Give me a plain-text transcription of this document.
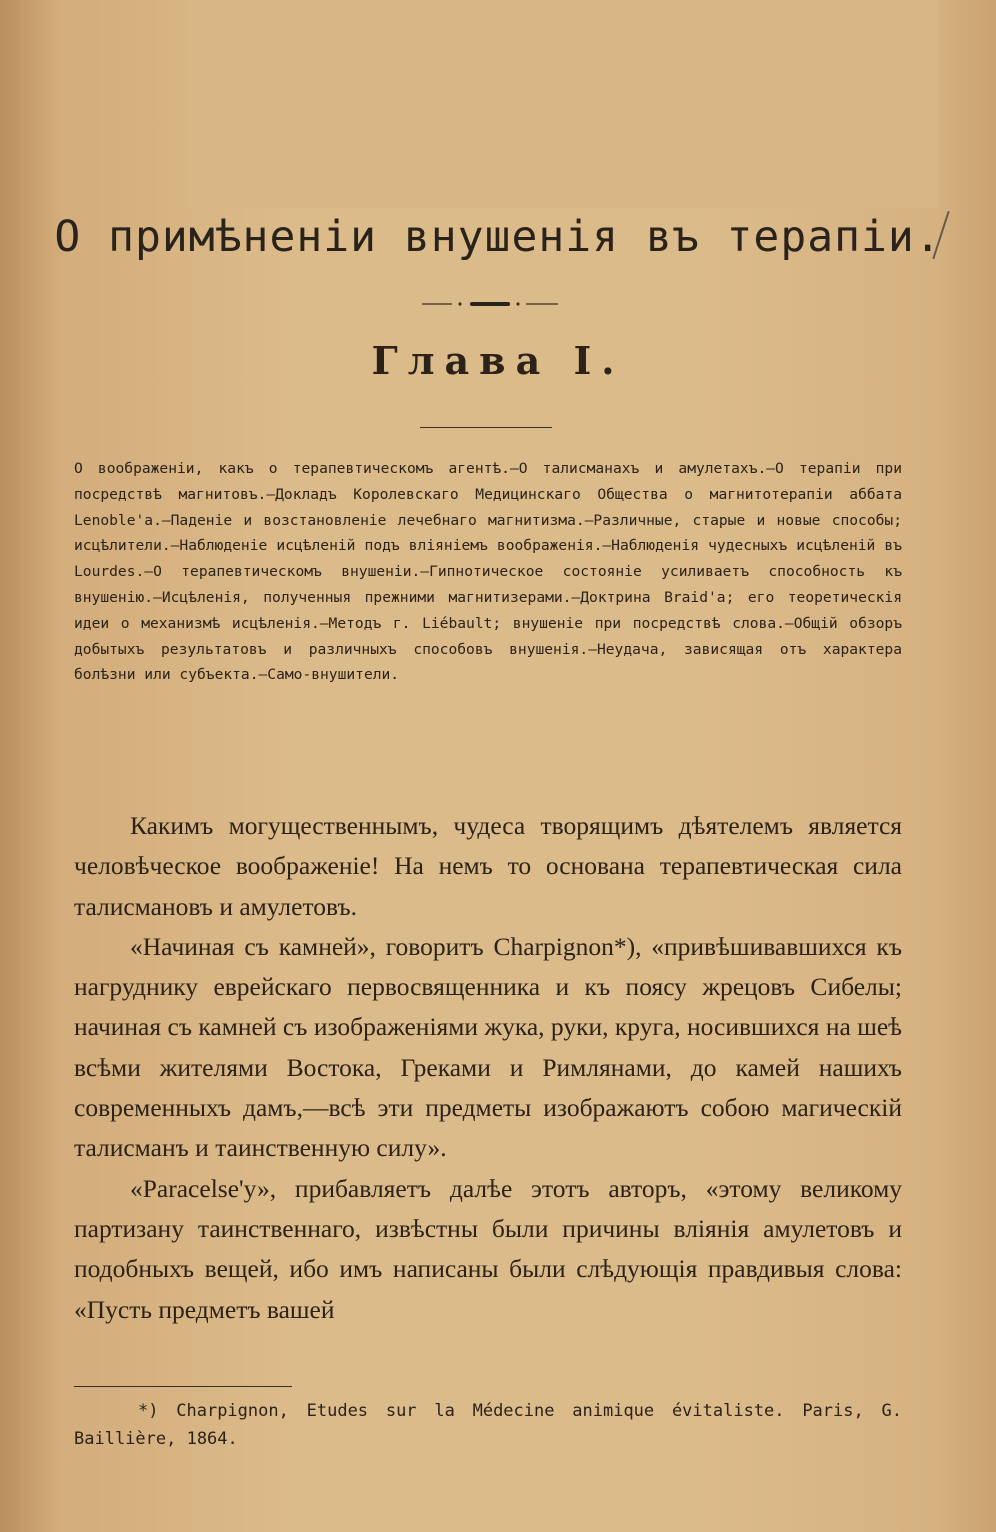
О примѣненіи внушенія въ терапіи.
Глава I.
О воображеніи, какъ о терапевтическомъ агентѣ.—О талисманахъ и амулетахъ.—О терапіи при посредствѣ магнитовъ.—Докладъ Королевскаго Медицинскаго Общества о магнитотерапіи аббата Lenoble'а.—Паденіе и возстановленіе лечебнаго магнитизма.—Различные, старые и новые способы; исцѣлители.—Наблюденіе исцѣленій подъ вліяніемъ воображенія.—Наблюденія чудесныхъ исцѣленій въ Lourdes.—О терапевтическомъ внушеніи.—Гипнотическое состояніе усиливаетъ способность къ внушенію.—Исцѣленія, полученныя прежними магнитизерами.—Доктрина Braid'а; его теоретическія идеи о механизмѣ исцѣленія.—Методъ г. Liébault; внушеніе при посредствѣ слова.—Общій обзоръ добытыхъ результатовъ и различныхъ способовъ внушенія.—Неудача, зависящая отъ характера болѣзни или субъекта.—Само-внушители.

Какимъ могущественнымъ, чудеса творящимъ дѣятелемъ является человѣческое воображеніе! На немъ то основана терапевтическая сила талисмановъ и амулетовъ.

«Начиная съ камней», говоритъ Charpignon*), «привѣшивавшихся къ нагруднику еврейскаго первосвященника и къ поясу жрецовъ Сибелы; начиная съ камней съ изображеніями жука, руки, круга, носившихся на шеѣ всѣми жителями Востока, Греками и Римлянами, до камей нашихъ современныхъ дамъ,—всѣ эти предметы изображаютъ собою магическій талисманъ и таинственную силу».

«Paracelse'у», прибавляетъ далѣе этотъ авторъ, «этому великому партизану таинственнаго, извѣстны были причины вліянія амулетовъ и подобныхъ вещей, ибо имъ написаны были слѣдующія правдивыя слова: «Пусть предметъ вашей

*) Charpignon, Etudes sur la Médecine animique évitaliste. Paris, G. Baillière, 1864.
